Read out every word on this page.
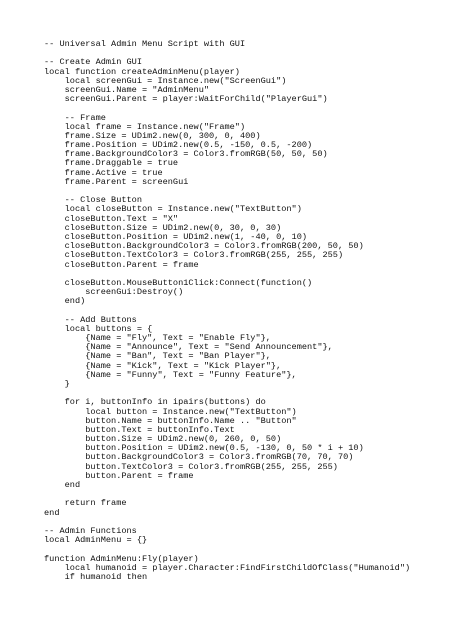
-- Universal Admin Menu Script with GUI
-- Create Admin GUI
local function createAdminMenu(player)
local screenGui = Instance.new("ScreenGui")
screenGui.Name = "AdminMenu"
screenGui.Parent = player:WaitForChild("PlayerGui")
-- Frame
local frame = Instance.new("Frame")
frame.Size = UDim2.new(0, 300, 0, 400)
frame.Position = UDim2.new(0.5, -150, 0.5, -200)
frame.BackgroundColor3 = Color3.fromRGB(50, 50, 50)
frame.Draggable = true
frame.Active = true
frame.Parent = screenGui
-- Close Button
local closeButton = Instance.new("TextButton")
closeButton.Text = "X"
closeButton.Size = UDim2.new(0, 30, 0, 30)
closeButton.Position = UDim2.new(1, -40, 0, 10)
closeButton.BackgroundColor3 = Color3.fromRGB(200, 50, 50)
closeButton.TextColor3 = Color3.fromRGB(255, 255, 255)
closeButton.Parent = frame
closeButton.MouseButton1Click:Connect(function()
screenGui:Destroy()
end)
-- Add Buttons
local buttons = {
{Name = "Fly", Text = "Enable Fly"},
{Name = "Announce", Text = "Send Announcement"},
{Name = "Ban", Text = "Ban Player"},
{Name = "Kick", Text = "Kick Player"},
{Name = "Funny", Text = "Funny Feature"},
}
for i, buttonInfo in ipairs(buttons) do
local button = Instance.new("TextButton")
button.Name = buttonInfo.Name .. "Button"
button.Text = buttonInfo.Text
button.Size = UDim2.new(0, 260, 0, 50)
button.Position = UDim2.new(0.5, -130, 0, 50 * i + 10)
button.BackgroundColor3 = Color3.fromRGB(70, 70, 70)
button.TextColor3 = Color3.fromRGB(255, 255, 255)
button.Parent = frame
end
return frame
end
-- Admin Functions
local AdminMenu = {}
function AdminMenu:Fly(player)
local humanoid = player.Character:FindFirstChildOfClass("Humanoid")
if humanoid then
